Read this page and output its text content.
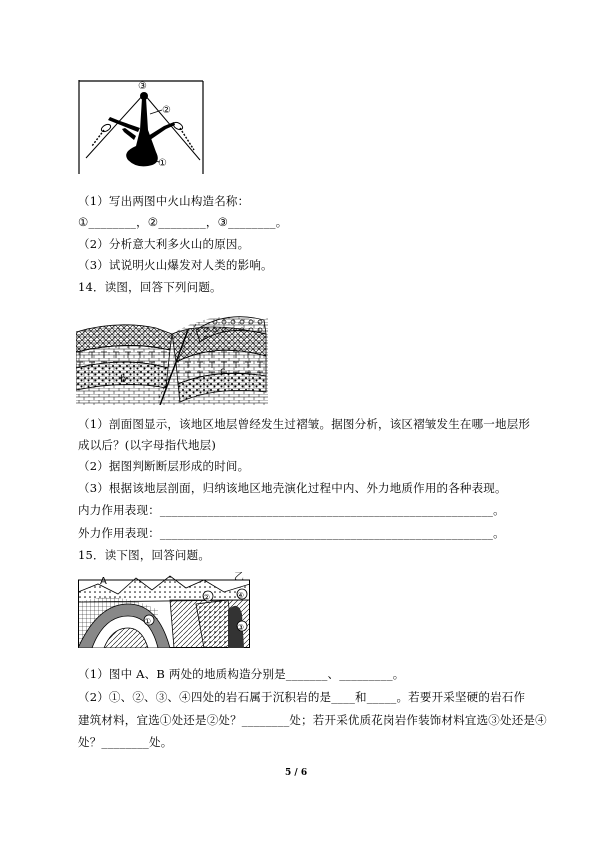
③
②
①
（1）写出两图中火山构造名称：
①________，②________，③________。
（2）分析意大利多火山的原因。
（3）试说明火山爆发对人类的影响。
14．读图，回答下列问题。
b
c
（1）剖面图显示，该地区地层曾经发生过褶皱。据图分析，该区褶皱发生在哪一地层形
成以后？(以字母指代地层)
（2）据图判断断层形成的时间。
（3）根据该地层剖面，归纳该地区地壳演化过程中内、外力地质作用的各种表现。
内力作用表现：________________________________________________________。
外力作用表现：________________________________________________________。
15．读下图，回答问题。
A	乙
④
③
②
①
（1）图中 A、B 两处的地质构造分别是_______、_________。
（2）①、②、③、④四处的岩石属于沉积岩的是____和_____。若要开采坚硬的岩石作
建筑材料，宜选①处还是②处？________处；若开采优质花岗岩作装饰材料宜选③处还是④
处？________处。
5 / 6
